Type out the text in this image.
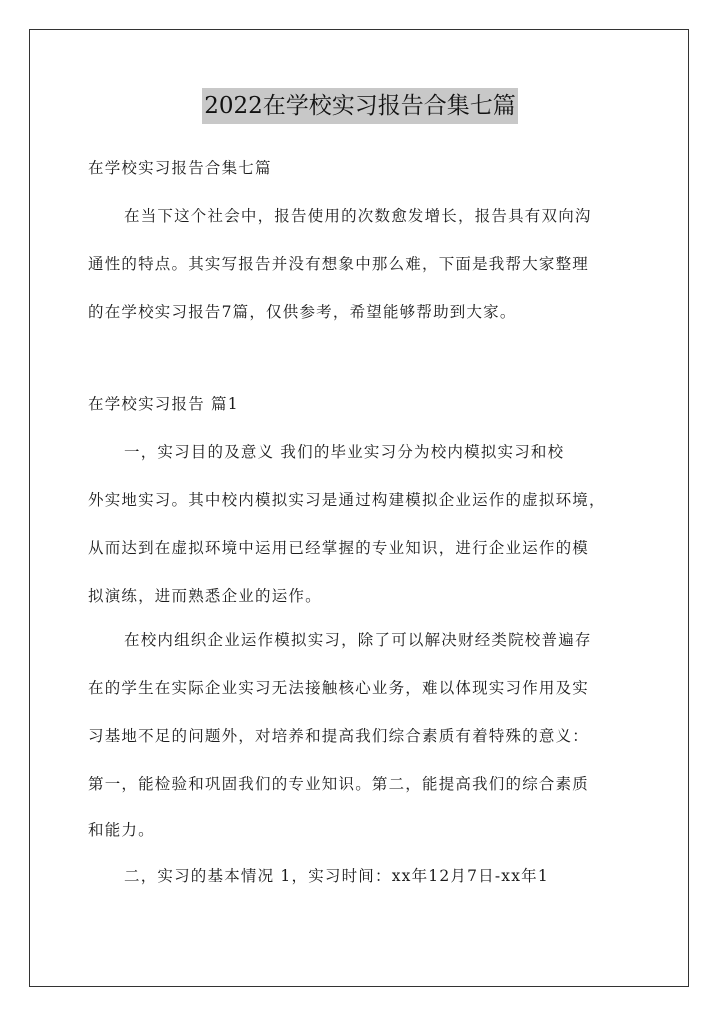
2022在学校实习报告合集七篇
在学校实习报告合集七篇
在当下这个社会中，报告使用的次数愈发增长，报告具有双向沟
通性的特点。其实写报告并没有想象中那么难，下面是我帮大家整理
的在学校实习报告7篇，仅供参考，希望能够帮助到大家。
在学校实习报告 篇1
一，实习目的及意义 我们的毕业实习分为校内模拟实习和校
外实地实习。其中校内模拟实习是通过构建模拟企业运作的虚拟环境，
从而达到在虚拟环境中运用已经掌握的专业知识，进行企业运作的模
拟演练，进而熟悉企业的运作。
在校内组织企业运作模拟实习，除了可以解决财经类院校普遍存
在的学生在实际企业实习无法接触核心业务，难以体现实习作用及实
习基地不足的问题外，对培养和提高我们综合素质有着特殊的意义：
第一，能检验和巩固我们的专业知识。第二，能提高我们的综合素质
和能力。
二，实习的基本情况 1，实习时间：xx年12月7日-xx年1
